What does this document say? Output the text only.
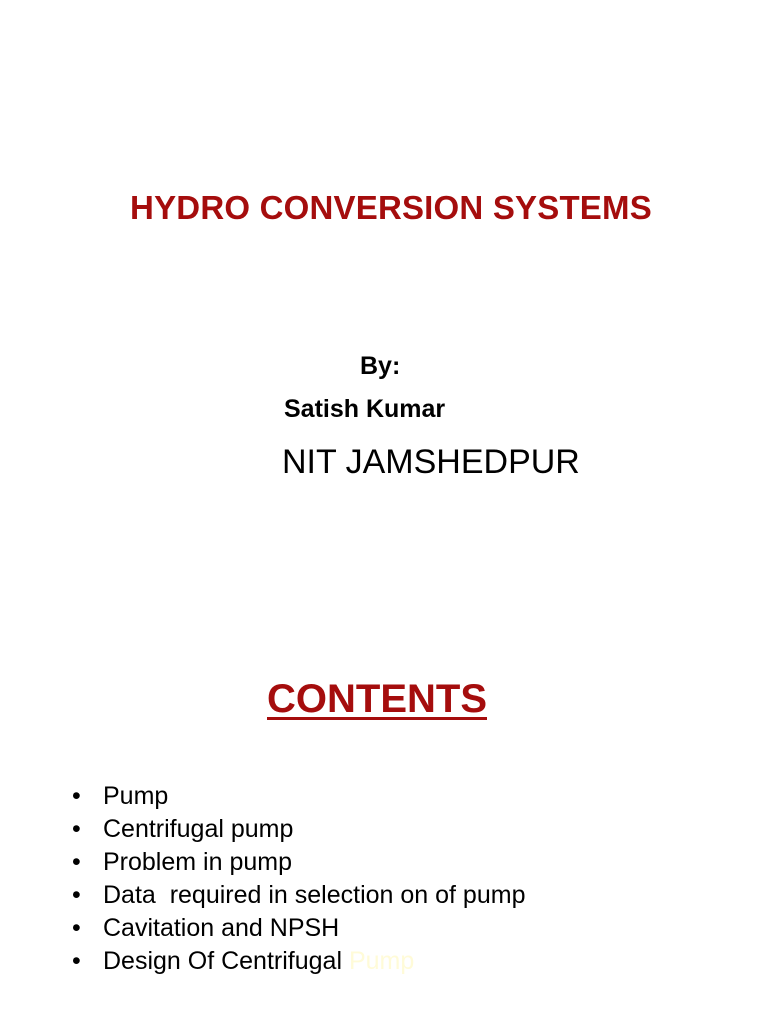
HYDRO CONVERSION SYSTEMS
By:
Satish Kumar
NIT JAMSHEDPUR
CONTENTS
• Pump
• Centrifugal pump
• Problem in pump
• Data  required in selection on of pump
• Cavitation and NPSH
• Design Of Centrifugal Pump
